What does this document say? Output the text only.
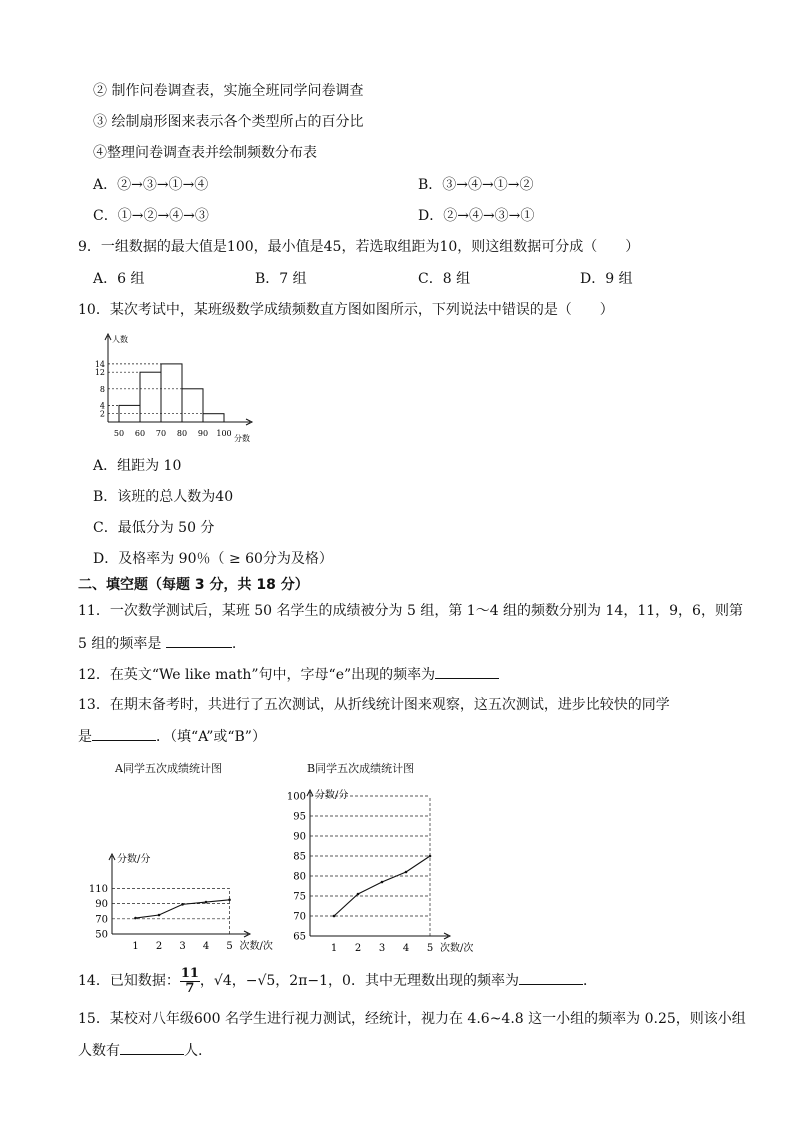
② 制作问卷调查表，实施全班同学问卷调查
③ 绘制扇形图来表示各个类型所占的百分比
④整理问卷调查表并绘制频数分布表
A．②→③→①→④	B．③→④→①→②
C．①→②→④→③	D．②→④→③→①
9．一组数据的最大值是100，最小值是45，若选取组距为10，则这组数据可分成（　　）
A．6 组	B．7 组	C．8 组	D．9 组
10．某次考试中，某班级数学成绩频数直方图如图所示，下列说法中错误的是（　　）
人数
分数
2
4
8
12
14
50 60 70 80 90 100
A．组距为 10
B．该班的总人数为40
C．最低分为 50 分
D．及格率为 90％（ ≥ 60分为及格）
二、填空题（每题 3 分，共 18 分）
11．一次数学测试后，某班 50 名学生的成绩被分为 5 组，第 1～4 组的频数分别为 14，11，9，6，则第
5 组的频率是	.
12．在英文“We like math”句中，字母“e”出现的频率为
13．在期末备考时，共进行了五次测试，从折线统计图来观察，这五次测试，进步比较快的同学
是	．（填“A”或“B”）
A同学五次成绩统计图	B同学五次成绩统计图
分数/分
次数/次
50
70
90
110
1 2 3 4 5
分数/分
次数/次
65
70
75
80
85
90
95
100
1 2 3 4 5
14．已知数据： $\frac{11}{7}$ ，√4，−√5，2π−1，0．其中无理数出现的频率为	．
15．某校对八年级600 名学生进行视力测试，经统计，视力在 4.6~4.8 这一小组的频率为 0.25，则该小组
人数有	人.
